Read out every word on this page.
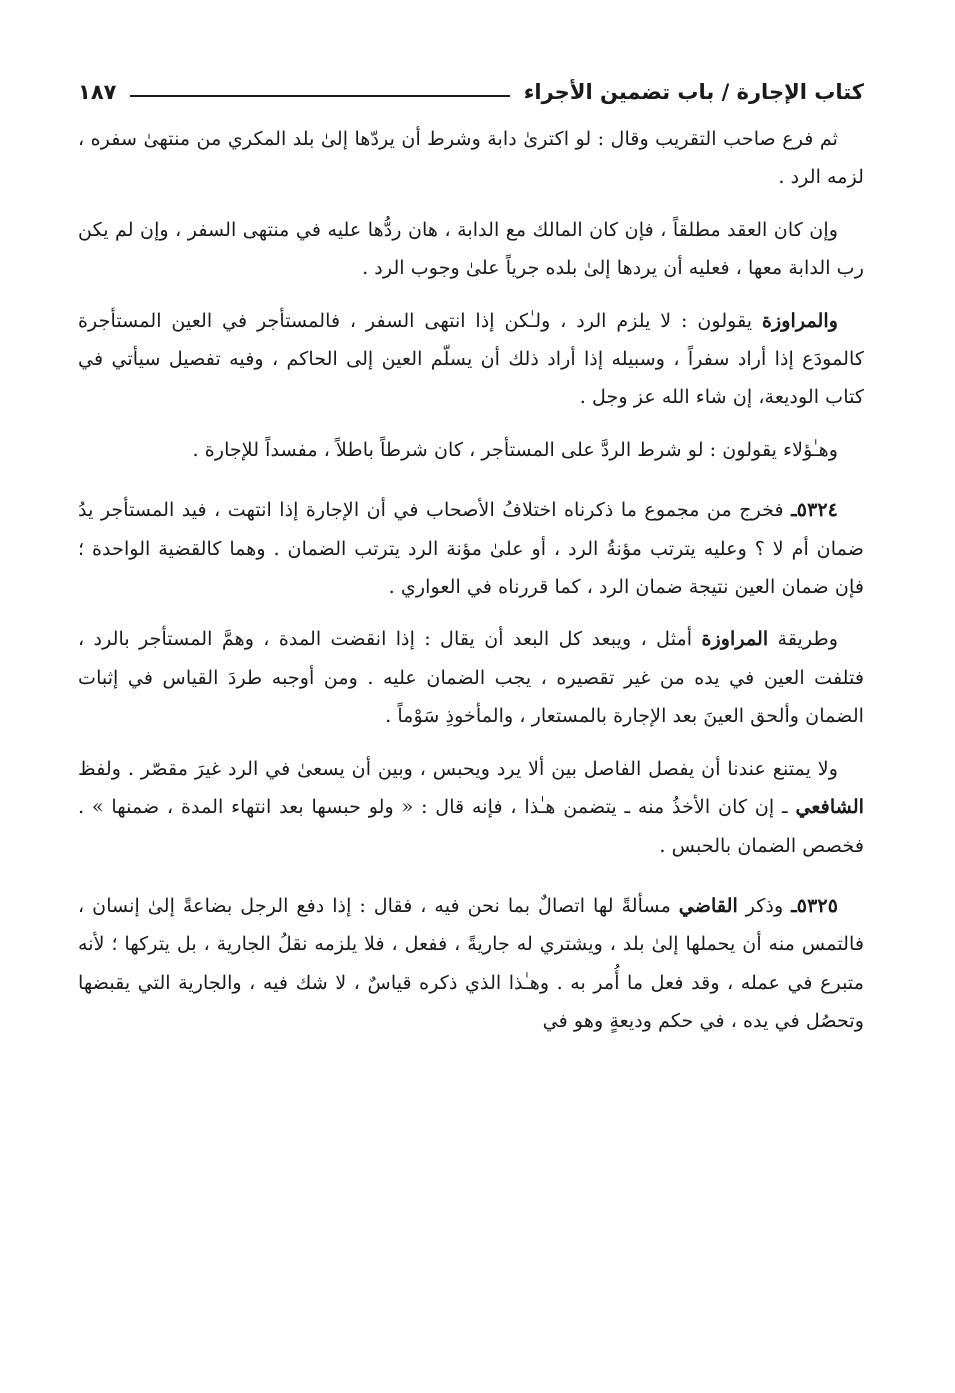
كتاب الإجارة / باب تضمين الأجراء
١٨٧

ثم فرع صاحب التقريب وقال : لو اكترىٰ دابة وشرط أن يردّها إلىٰ بلد المكري من منتهىٰ سفره ، لزمه الرد .

وإن كان العقد مطلقاً ، فإن كان المالك مع الدابة ، هان ردُّها عليه في منتهى السفر ، وإن لم يكن رب الدابة معها ، فعليه أن يردها إلىٰ بلده جرياً علىٰ وجوب الرد .

والمراوزة يقولون : لا يلزم الرد ، ولـٰكن إذا انتهى السفر ، فالمستأجر في العين المستأجرة كالمودَع إذا أراد سفراً ، وسبيله إذا أراد ذلك أن يسلّم العين إلى الحاكم ، وفيه تفصيل سيأتي في كتاب الوديعة، إن شاء الله عز وجل .

وهـٰؤلاء يقولون : لو شرط الردَّ على المستأجر ، كان شرطاً باطلاً ، مفسداً للإجارة .

٥٣٢٤ـ فخرج من مجموع ما ذكرناه اختلافُ الأصحاب في أن الإجارة إذا انتهت ، فيد المستأجر يدُ ضمان أم لا ؟ وعليه يترتب مؤنةُ الرد ، أو علىٰ مؤنة الرد يترتب الضمان . وهما كالقضية الواحدة ؛ فإن ضمان العين نتيجة ضمان الرد ، كما قررناه في العواري .

وطريقة المراوزة أمثل ، ويبعد كل البعد أن يقال : إذا انقضت المدة ، وهمَّ المستأجر بالرد ، فتلفت العين في يده من غير تقصيره ، يجب الضمان عليه . ومن أوجبه طردَ القياس في إثبات الضمان وألحق العينَ بعد الإجارة بالمستعار ، والمأخوذِ سَوْماً .

ولا يمتنع عندنا أن يفصل الفاصل بين ألا يرد ويحبس ، وبين أن يسعىٰ في الرد غيرَ مقصّر . ولفظ الشافعي ـ إن كان الأخذُ منه ـ يتضمن هـٰذا ، فإنه قال : « ولو حبسها بعد انتهاء المدة ، ضمنها » . فخصص الضمان بالحبس .

٥٣٢٥ـ وذكر القاضي مسألةً لها اتصالٌ بما نحن فيه ، فقال : إذا دفع الرجل بضاعةً إلىٰ إنسان ، فالتمس منه أن يحملها إلىٰ بلد ، ويشتري له جاريةً ، ففعل ، فلا يلزمه نقلُ الجارية ، بل يتركها ؛ لأنه متبرع في عمله ، وقد فعل ما أُمر به . وهـٰذا الذي ذكره قياسٌ ، لا شك فيه ، والجارية التي يقبضها وتحصُل في يده ، في حكم وديعةٍ وهو في
